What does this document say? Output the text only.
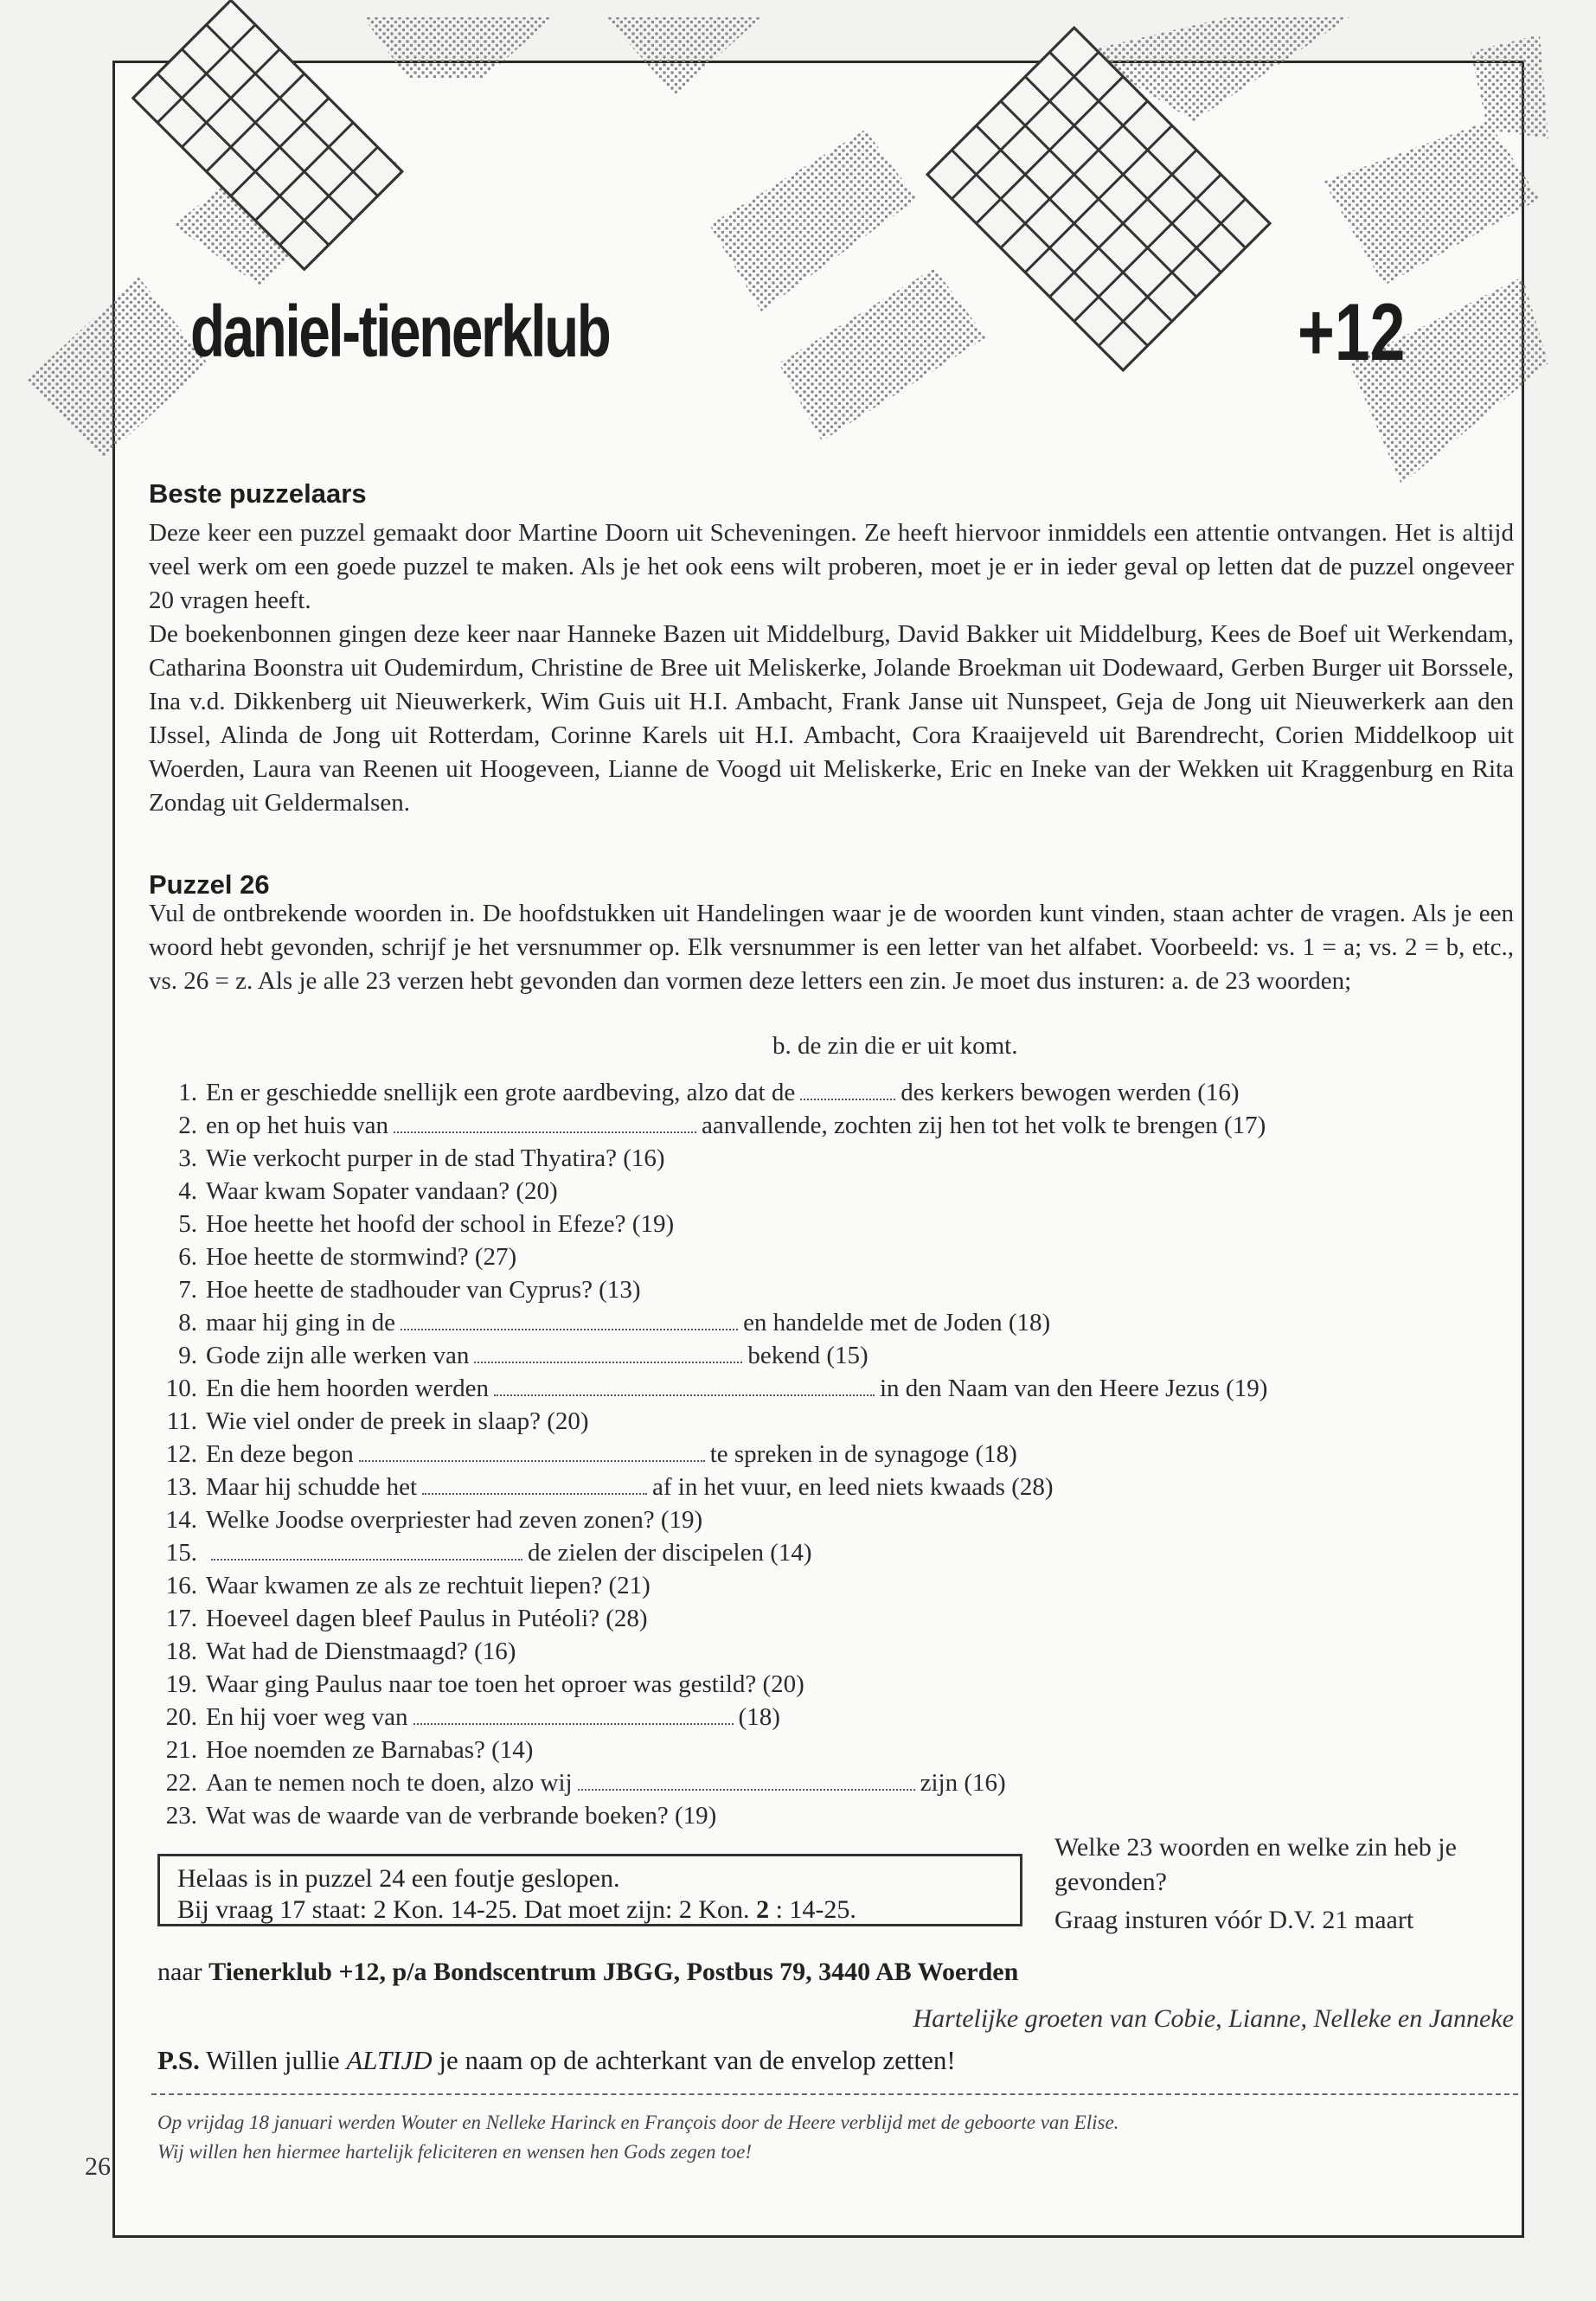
daniel-tienerklub	+12
Beste puzzelaars

Deze keer een puzzel gemaakt door Martine Doorn uit Scheveningen. Ze heeft hiervoor inmiddels een attentie ontvangen. Het is altijd veel werk om een goede puzzel te maken. Als je het ook eens wilt proberen, moet je er in ieder geval op letten dat de puzzel ongeveer 20 vragen heeft.

De boekenbonnen gingen deze keer naar Hanneke Bazen uit Middelburg, David Bakker uit Middelburg, Kees de Boef uit Werkendam, Catharina Boonstra uit Oudemirdum, Christine de Bree uit Meliskerke, Jolande Broekman uit Dodewaard, Gerben Burger uit Borssele, Ina v.d. Dikkenberg uit Nieuwerkerk, Wim Guis uit H.I. Ambacht, Frank Janse uit Nunspeet, Geja de Jong uit Nieuwerkerk aan den IJssel, Alinda de Jong uit Rotterdam, Corinne Karels uit H.I. Ambacht, Cora Kraaijeveld uit Barendrecht, Corien Middelkoop uit Woerden, Laura van Reenen uit Hoogeveen, Lianne de Voogd uit Meliskerke, Eric en Ineke van der Wekken uit Kraggenburg en Rita Zondag uit Geldermalsen.

Puzzel 26
Vul de ontbrekende woorden in. De hoofdstukken uit Handelingen waar je de woorden kunt vinden, staan achter de vragen. Als je een woord hebt gevonden, schrijf je het versnummer op. Elk versnummer is een letter van het alfabet. Voorbeeld: vs. 1 = a; vs. 2 = b, etc., vs. 26 = z. Als je alle 23 verzen hebt gevonden dan vormen deze letters een zin. Je moet dus insturen: a. de 23 woorden;
b. de zin die er uit komt.
1. En er geschiedde snellijk een grote aardbeving, alzo dat de	des kerkers bewogen werden (16)
2. en op het huis van	aanvallende, zochten zij hen tot het volk te brengen (17)
3. Wie verkocht purper in de stad Thyatira? (16)
4. Waar kwam Sopater vandaan? (20)
5. Hoe heette het hoofd der school in Efeze? (19)
6. Hoe heette de stormwind? (27)
7. Hoe heette de stadhouder van Cyprus? (13)
8. maar hij ging in de	en handelde met de Joden (18)
9. Gode zijn alle werken van	bekend (15)
10. En die hem hoorden werden	in den Naam van den Heere Jezus (19)
11. Wie viel onder de preek in slaap? (20)
12. En deze begon	te spreken in de synagoge (18)
13. Maar hij schudde het	af in het vuur, en leed niets kwaads (28)
14. Welke Joodse overpriester had zeven zonen? (19)
15.	de zielen der discipelen (14)
16. Waar kwamen ze als ze rechtuit liepen? (21)
17. Hoeveel dagen bleef Paulus in Putéoli? (28)
18. Wat had de Dienstmaagd? (16)
19. Waar ging Paulus naar toe toen het oproer was gestild? (20)
20. En hij voer weg van	(18)
21. Hoe noemden ze Barnabas? (14)
22. Aan te nemen noch te doen, alzo wij	zijn (16)
23. Wat was de waarde van de verbrande boeken? (19)
Helaas is in puzzel 24 een foutje geslopen.
Bij vraag 17 staat: 2 Kon. 14-25. Dat moet zijn: 2 Kon. 2 : 14-25.
Welke 23 woorden en welke zin heb je gevonden?
Graag insturen vóór D.V. 21 maart
naar Tienerklub +12, p/a Bondscentrum JBGG, Postbus 79, 3440 AB Woerden
Hartelijke groeten van Cobie, Lianne, Nelleke en Janneke
P.S. Willen jullie ALTIJD je naam op de achterkant van de envelop zetten!
Op vrijdag 18 januari werden Wouter en Nelleke Harinck en François door de Heere verblijd met de geboorte van Elise.
Wij willen hen hiermee hartelijk feliciteren en wensen hen Gods zegen toe!
26
